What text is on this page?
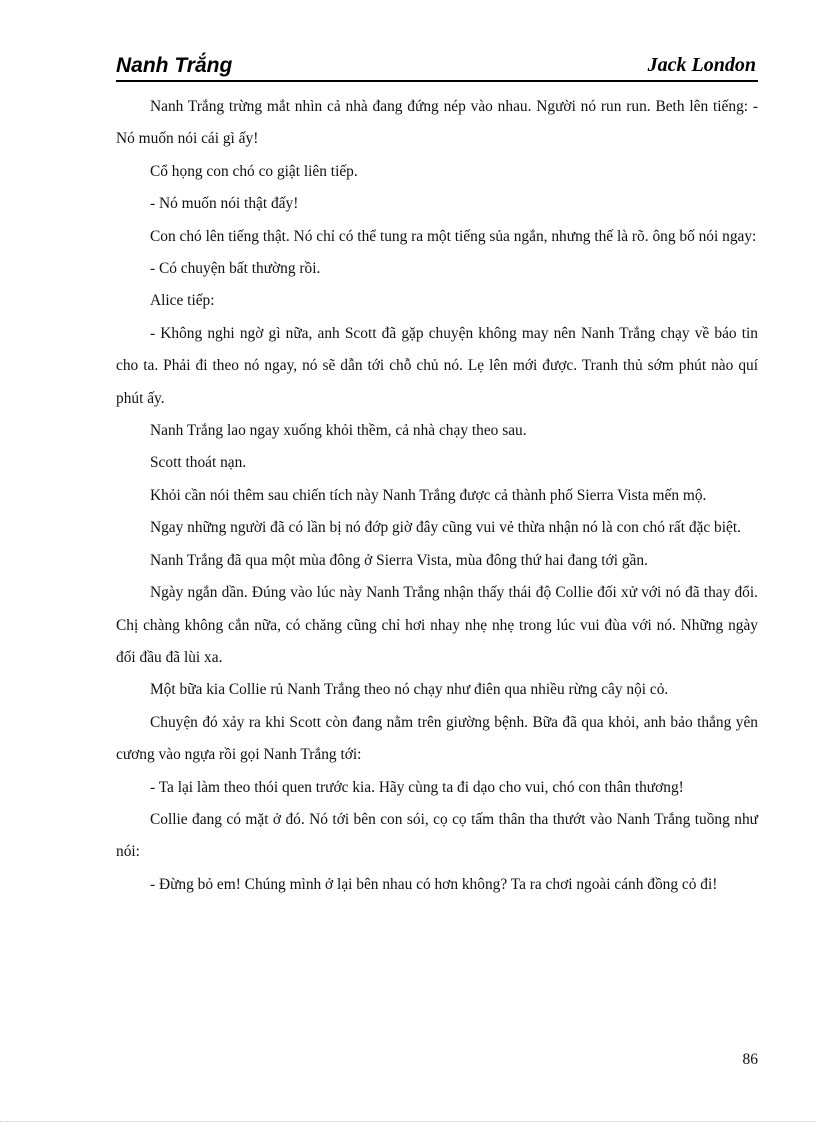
Nanh Trắng	Jack London

Nanh Trắng trừng mắt nhìn cả nhà đang đứng nép vào nhau. Người nó run run. Beth lên tiếng: - Nó muốn nói cái gì ấy!

Cổ họng con chó co giật liên tiếp.

- Nó muốn nói thật đấy!

Con chó lên tiếng thật. Nó chỉ có thể tung ra một tiếng sủa ngắn, nhưng thế là rõ. ông bố nói ngay:

- Có chuyện bất thường rồi.

Alice tiếp:

- Không nghi ngờ gì nữa, anh Scott đã gặp chuyện không may nên Nanh Trắng chạy về báo tin cho ta. Phải đi theo nó ngay, nó sẽ dẫn tới chỗ chủ nó. Lẹ lên mới được. Tranh thủ sớm phút nào quí phút ấy.

Nanh Trắng lao ngay xuống khỏi thềm, cả nhà chạy theo sau.

Scott thoát nạn.

Khỏi cần nói thêm sau chiến tích này Nanh Trắng được cả thành phố Sierra Vista mến mộ.

Ngay những người đã có lần bị nó đớp giờ đây cũng vui vẻ thừa nhận nó là con chó rất đặc biệt.

Nanh Trắng đã qua một mùa đông ở Sierra Vista, mùa đông thứ hai đang tới gần.

Ngày ngắn dần. Đúng vào lúc này Nanh Trắng nhận thấy thái độ Collie đối xử với nó đã thay đổi. Chị chàng không cắn nữa, có chăng cũng chỉ hơi nhay nhẹ nhẹ trong lúc vui đùa với nó. Những ngày đối đầu đã lùi xa.

Một bữa kia Collie rủ Nanh Trắng theo nó chạy như điên qua nhiều rừng cây nội cỏ.

Chuyện đó xảy ra khi Scott còn đang nằm trên giường bệnh. Bữa đã qua khỏi, anh bảo thắng yên cương vào ngựa rồi gọi Nanh Trắng tới:

- Ta lại làm theo thói quen trước kia. Hãy cùng ta đi dạo cho vui, chó con thân thương!

Collie đang có mặt ở đó. Nó tới bên con sói, cọ cọ tấm thân tha thướt vào Nanh Trắng tuồng như nói:

- Đừng bỏ em! Chúng mình ở lại bên nhau có hơn không? Ta ra chơi ngoài cánh đồng cỏ đi!

86
